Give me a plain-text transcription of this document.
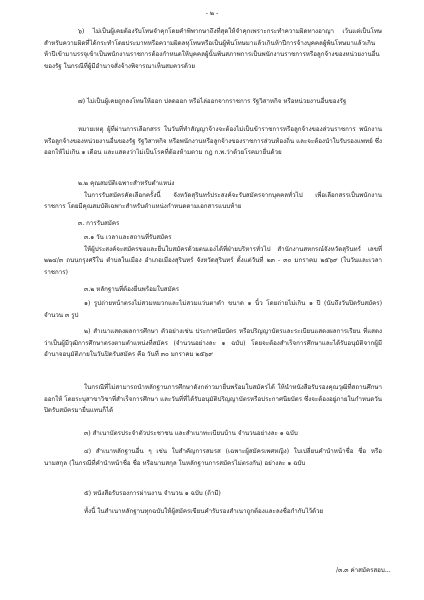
- ๒ -

๖) ไม่เป็นผู้เคยต้องรับโทษจำคุกโดยคำพิพากษาถึงที่สุดให้จำคุกเพราะกระทำความผิดทางอาญา เว้นแต่เป็นโทษสำหรับความผิดที่ได้กระทำโดยประมาทหรือความผิดลหุโทษหรือเป็นผู้พ้นโทษมาแล้วเกินห้าปีการจ้างบุคคลผู้พ้นโทษมาแล้วเกินห้าปีเข้ามาบรรจุเข้าเป็นพนักงานราชการต้องกำหนดให้บุคคลผู้นั้นพ้นสภาพการเป็นพนักงานราชการหรือลูกจ้างของหน่วยงานอื่นของรัฐ ในกรณีที่ผู้มีอำนาจสั่งจ้างพิจารณาเห็นสมควรด้วย

๗) ไม่เป็นผู้เคยถูกลงโทษให้ออก ปลดออก หรือไล่ออกจากราชการ รัฐวิสาหกิจ หรือหน่วยงานอื่นของรัฐ

หมายเหตุ ผู้ที่ผ่านการเลือกสรร ในวันที่ทำสัญญาจ้างจะต้องไม่เป็นข้าราชการหรือลูกจ้างของส่วนราชการ พนักงานหรือลูกจ้างของหน่วยงานอื่นของรัฐ รัฐวิสาหกิจ หรือพนักงานหรือลูกจ้างของราชการส่วนท้องถิ่น และจะต้องนำใบรับรองแพทย์ ซึ่งออกให้ไม่เกิน ๑ เดือน และแสดงว่าไม่เป็นโรคที่ต้องห้ามตาม กฎ ก.พ.ว่าด้วยโรคมายื่นด้วย

๒.๒ คุณสมบัติเฉพาะสำหรับตำแหน่ง

ในการรับสมัครคัดเลือกครั้งนี้ จังหวัดสุรินทร์ประสงค์จะรับสมัครจากบุคคลทั่วไป เพื่อเลือกสรรเป็นพนักงานราชการ โดยมีคุณสมบัติเฉพาะสำหรับตำแหน่งกำหนดตามเอกสารแนบท้าย

๓. การรับสมัคร

๓.๑ วัน เวลาและสถานที่รับสมัคร

ให้ผู้ประสงค์จะสมัครขอและยื่นใบสมัครด้วยตนเองได้ที่ฝ่ายบริหารทั่วไป สำนักงานสหกรณ์จังหวัดสุรินทร์ เลขที่ ๒๒๔/๓ ถนนกรุงศรีใน ตำบลในเมือง อำเภอเมืองสุรินทร์ จังหวัดสุรินทร์ ตั้งแต่วันที่ ๒๓ - ๓๐ มกราคม ๒๕๖๙ (ในวันและเวลาราชการ)

๓.๒ หลักฐานที่ต้องยื่นพร้อมใบสมัคร

๑) รูปถ่ายหน้าตรงไม่สวมหมวกและไม่สวมแว่นตาดำ ขนาด ๑ นิ้ว โดยถ่ายไม่เกิน ๑ ปี (นับถึงวันปิดรับสมัคร) จำนวน ๓ รูป

๒) สำเนาแสดงผลการศึกษา ตัวอย่างเช่น ประกาศนียบัตร หรือปริญญาบัตรและระเบียนแสดงผลการเรียน ที่แสดงว่าเป็นผู้มีวุฒิการศึกษาตรงตามตำแหน่งที่สมัคร (จำนวนอย่างละ ๑ ฉบับ) โดยจะต้องสำเร็จการศึกษาและได้รับอนุมัติจากผู้มีอำนาจอนุมัติภายในวันปิดรับสมัคร คือ วันที่ ๓๐ มกราคม ๒๕๖๙

ในกรณีที่ไม่สามารถนำหลักฐานการศึกษาดังกล่าวมายื่นพร้อมใบสมัครได้ ให้นำหนังสือรับรองคุณวุฒิที่สถานศึกษาออกให้ โดยระบุสาขาวิชาที่สำเร็จการศึกษา และวันที่ที่ได้รับอนุมัติปริญญาบัตรหรือประกาศนียบัตร ซึ่งจะต้องอยู่ภายในกำหนดวันปิดรับสมัครมายื่นแทนก็ได้

๓) สำเนาบัตรประจำตัวประชาชน และสำเนาทะเบียนบ้าน จำนวนอย่างละ ๑ ฉบับ

๔) สำเนาหลักฐานอื่น ๆ เช่น ใบสำคัญการสมรส (เฉพาะผู้สมัครเพศหญิง) ใบเปลี่ยนคำนำหน้าชื่อ ชื่อ หรือนามสกุล (ในกรณีที่คำนำหน้าชื่อ ชื่อ หรือนามสกุล ในหลักฐานการสมัครไม่ตรงกัน) อย่างละ ๑ ฉบับ

๕) หนังสือรับรองการผ่านงาน จำนวน ๑ ฉบับ (ถ้ามี)

ทั้งนี้ ในสำเนาหลักฐานทุกฉบับให้ผู้สมัครเขียนคำรับรองสำเนาถูกต้องและลงชื่อกำกับไว้ด้วย

/๓.๓ ค่าสมัครสอบ...
